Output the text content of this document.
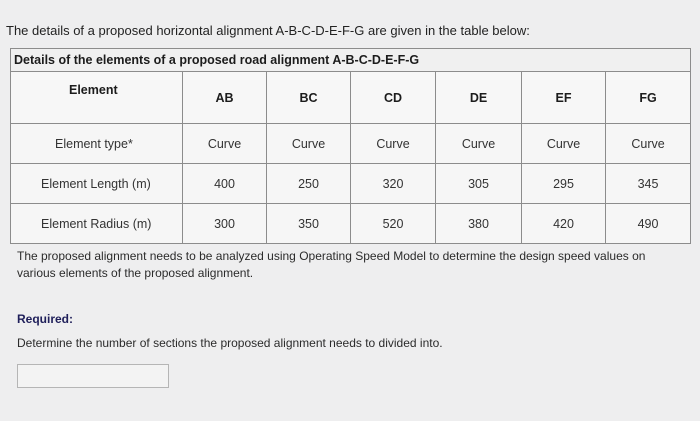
The details of a proposed horizontal alignment A-B-C-D-E-F-G are given in the table below:
Details of the elements of a proposed road alignment A-B-C-D-E-F-G						
Element	AB	BC	CD	DE	EF	FG
Element type*	Curve	Curve	Curve	Curve	Curve	Curve
Element Length (m)	400	250	320	305	295	345
Element Radius (m)	300	350	520	380	420	490
The proposed alignment needs to be analyzed using Operating Speed Model to determine the design speed values on various elements of the proposed alignment.
Required:
Determine the number of sections the proposed alignment needs to divided into.
